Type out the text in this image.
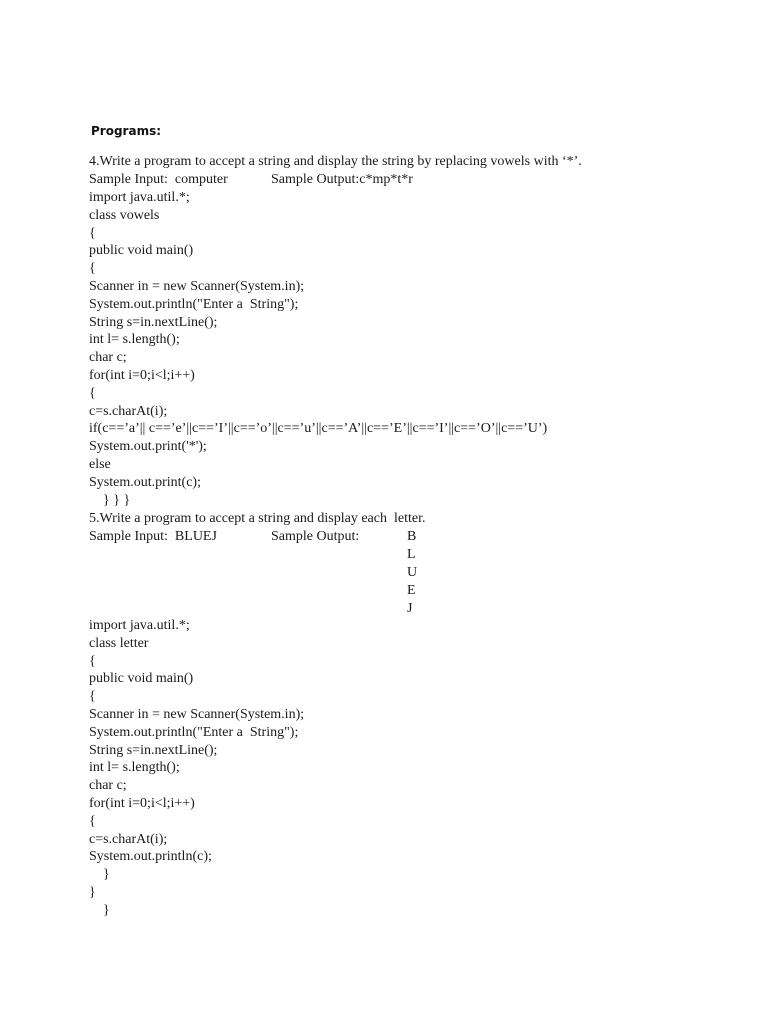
Programs:
4.Write a program to accept a string and display the string by replacing vowels with ‘*’.

Sample Input:  computer

	Sample Output:c*mp*t*r

import java.util.*;
class vowels
{
public void main()
{
Scanner in = new Scanner(System.in);
System.out.println("Enter a  String");
String s=in.nextLine();
int l= s.length();
char c;
for(int i=0;i<l;i++)
{
c=s.charAt(i);
if(c==’a’|| c==’e’||c==’I’||c==’o’||c==’u’||c==’A’||c==’E’||c==’I’||c==’O’||c==’U’)
System.out.print('*');
else
System.out.print(c);
} } }
5.Write a program to accept a string and display each  letter.

Sample Input:  BLUEJ

	Sample Output:

	B
L
U
E
J
import java.util.*;
class letter
{
public void main()
{
Scanner in = new Scanner(System.in);
System.out.println("Enter a  String");
String s=in.nextLine();
int l= s.length();
char c;
for(int i=0;i<l;i++)
{
c=s.charAt(i);
System.out.println(c);
}
}
}
